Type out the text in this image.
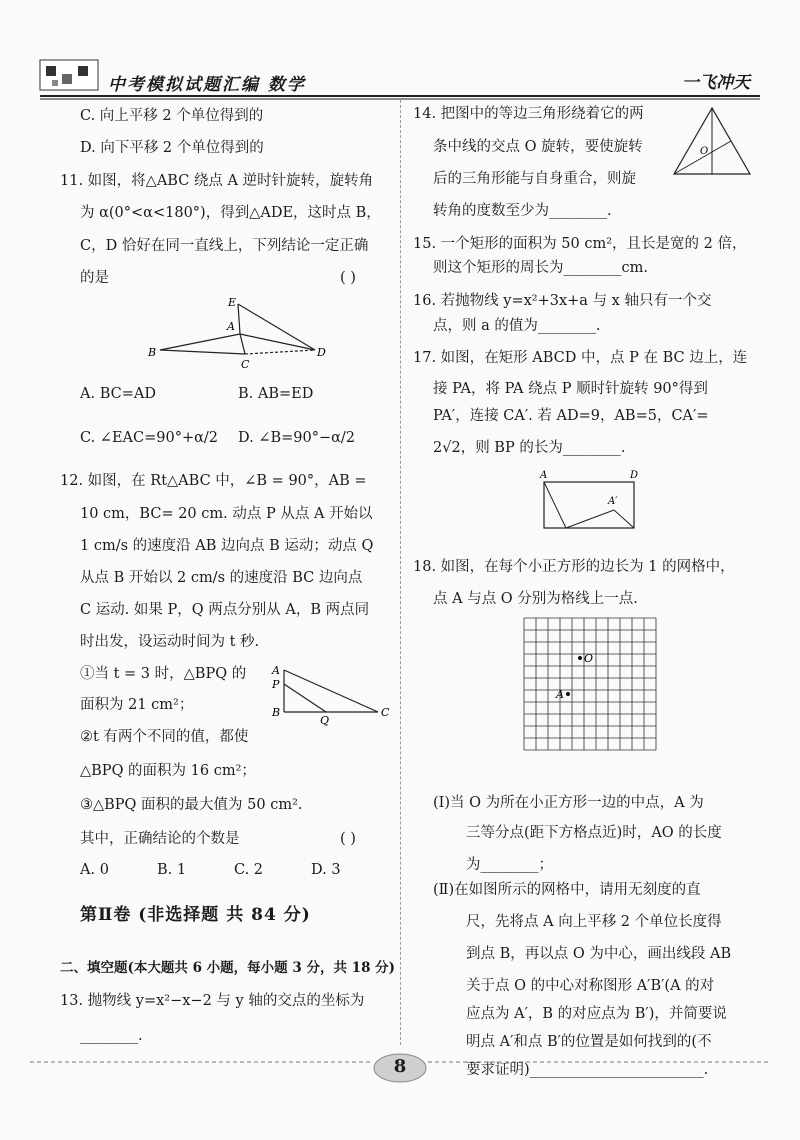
中考模拟试题汇编 数学	一飞冲天
C. 向上平移 2 个单位得到的
D. 向下平移 2 个单位得到的
11. 如图，将△ABC 绕点 A 逆时针旋转，旋转角
为 α(0°<α<180°)，得到△ADE，这时点 B，
C，D 恰好在同一直线上，下列结论一定正确
的是	( )
E
A
B
C
D
A. BC=AD	B. AB=ED
C. ∠EAC=90°+α/2 D. ∠B=90°−α/2
12. 如图，在 Rt△ABC 中，∠B = 90°，AB =
10 cm，BC= 20 cm. 动点 P 从点 A 开始以
1 cm/s 的速度沿 AB 边向点 B 运动；动点 Q
从点 B 开始以 2 cm/s 的速度沿 BC 边向点
C 运动. 如果 P，Q 两点分别从 A，B 两点同
时出发，设运动时间为 t 秒.
①当 t = 3 时，△BPQ 的
面积为 21 cm²；
②t 有两个不同的值，都使
△BPQ 的面积为 16 cm²；
③△BPQ 面积的最大值为 50 cm².
A
P
B
Q
C
其中，正确结论的个数是	( )
A. 0	B. 1	C. 2	D. 3
第Ⅱ卷 (非选择题 共 84 分)
二、填空题(本大题共 6 小题，每小题 3 分，共 18 分)
13. 抛物线 y=x²−x−2 与 y 轴的交点的坐标为
________.
14. 把图中的等边三角形绕着它的两
条中线的交点 O 旋转，要使旋转
后的三角形能与自身重合，则旋
转角的度数至少为________.
O
15. 一个矩形的面积为 50 cm²，且长是宽的 2 倍，
则这个矩形的周长为________cm.
16. 若抛物线 y=x²+3x+a 与 x 轴只有一个交
点，则 a 的值为________.
17. 如图，在矩形 ABCD 中，点 P 在 BC 边上，连
接 PA，将 PA 绕点 P 顺时针旋转 90°得到
PA′，连接 CA′. 若 AD=9，AB=5，CA′=
2√2，则 BP 的长为________.
A	D
A′
18. 如图，在每个小正方形的边长为 1 的网格中，
点 A 与点 O 分别为格线上一点.
O
A
(Ⅰ)当 O 为所在小正方形一边的中点，A 为
三等分点(距下方格点近)时，AO 的长度
为________；
(Ⅱ)在如图所示的网格中，请用无刻度的直
尺，先将点 A 向上平移 2 个单位长度得
到点 B，再以点 O 为中心，画出线段 AB
关于点 O 的中心对称图形 A′B′(A 的对
应点为 A′，B 的对应点为 B′)，并简要说
明点 A′和点 B′的位置是如何找到的(不
要求证明)________________________.
8
